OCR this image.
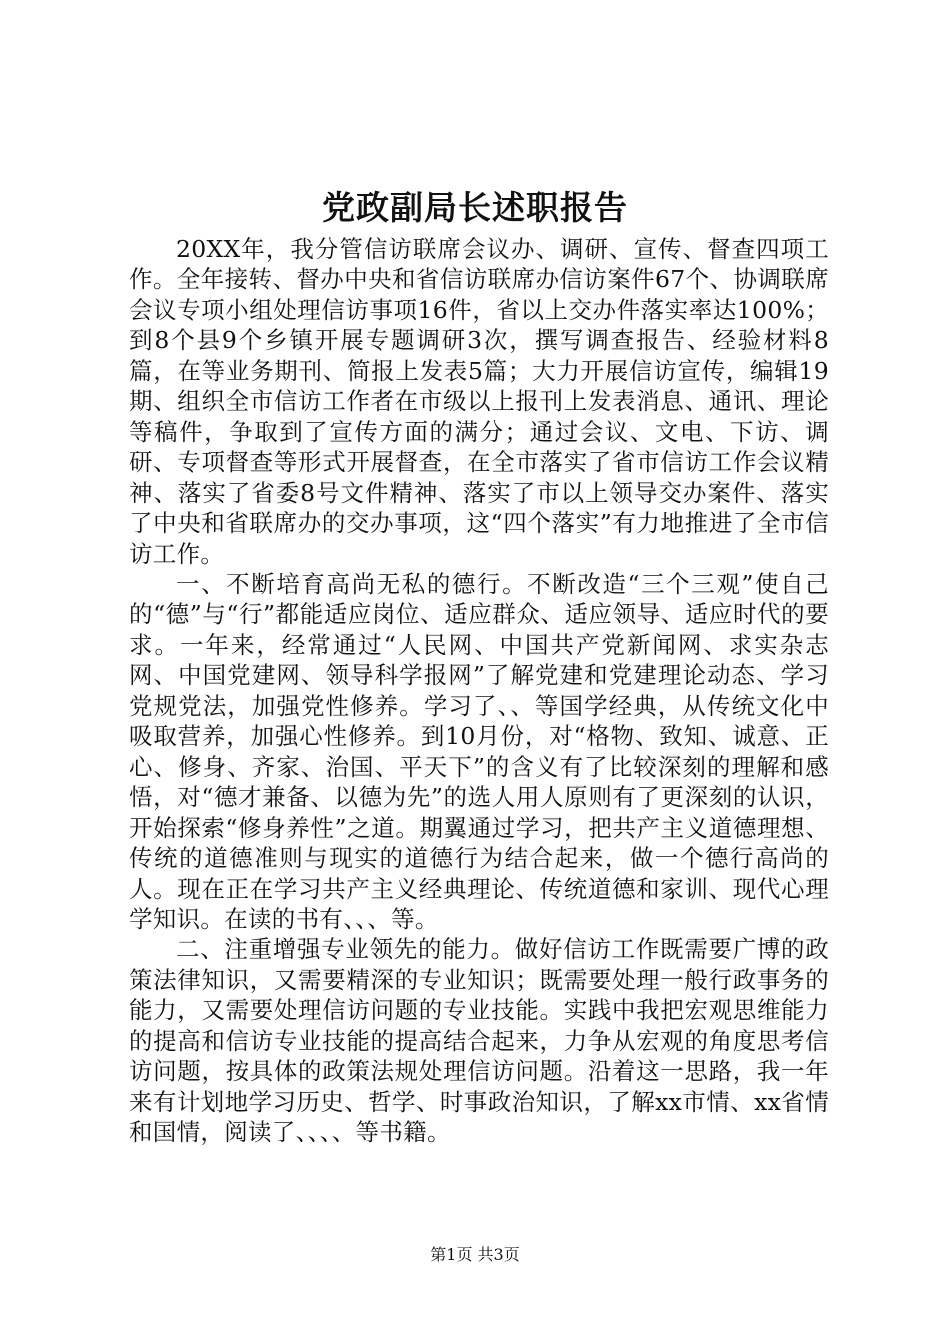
党政副局长述职报告

20XX年，我分管信访联席会议办、调研、宣传、督查四项工作。全年接转、督办中央和省信访联席办信访案件67个、协调联席会议专项小组处理信访事项16件，省以上交办件落实率达100%；到8个县9个乡镇开展专题调研3次，撰写调查报告、经验材料8篇，在等业务期刊、简报上发表5篇；大力开展信访宣传，编辑19期、组织全市信访工作者在市级以上报刊上发表消息、通讯、理论等稿件，争取到了宣传方面的满分；通过会议、文电、下访、调研、专项督查等形式开展督查，在全市落实了省市信访工作会议精神、落实了省委8号文件精神、落实了市以上领导交办案件、落实了中央和省联席办的交办事项，这“四个落实”有力地推进了全市信访工作。

一、不断培育高尚无私的德行。不断改造“三个三观”使自己的“德”与“行”都能适应岗位、适应群众、适应领导、适应时代的要求。一年来，经常通过“人民网、中国共产党新闻网、求实杂志网、中国党建网、领导科学报网”了解党建和党建理论动态、学习党规党法，加强党性修养。学习了、、等国学经典，从传统文化中吸取营养，加强心性修养。到10月份，对“格物、致知、诚意、正心、修身、齐家、治国、平天下”的含义有了比较深刻的理解和感悟，对“德才兼备、以德为先”的选人用人原则有了更深刻的认识，开始探索“修身养性”之道。期翼通过学习，把共产主义道德理想、传统的道德准则与现实的道德行为结合起来，做一个德行高尚的人。现在正在学习共产主义经典理论、传统道德和家训、现代心理学知识。在读的书有、、、等。

二、注重增强专业领先的能力。做好信访工作既需要广博的政策法律知识，又需要精深的专业知识；既需要处理一般行政事务的能力，又需要处理信访问题的专业技能。实践中我把宏观思维能力的提高和信访专业技能的提高结合起来，力争从宏观的角度思考信访问题，按具体的政策法规处理信访问题。沿着这一思路，我一年来有计划地学习历史、哲学、时事政治知识，了解xx市情、xx省情和国情，阅读了、、、、等书籍。

第1页 共3页
